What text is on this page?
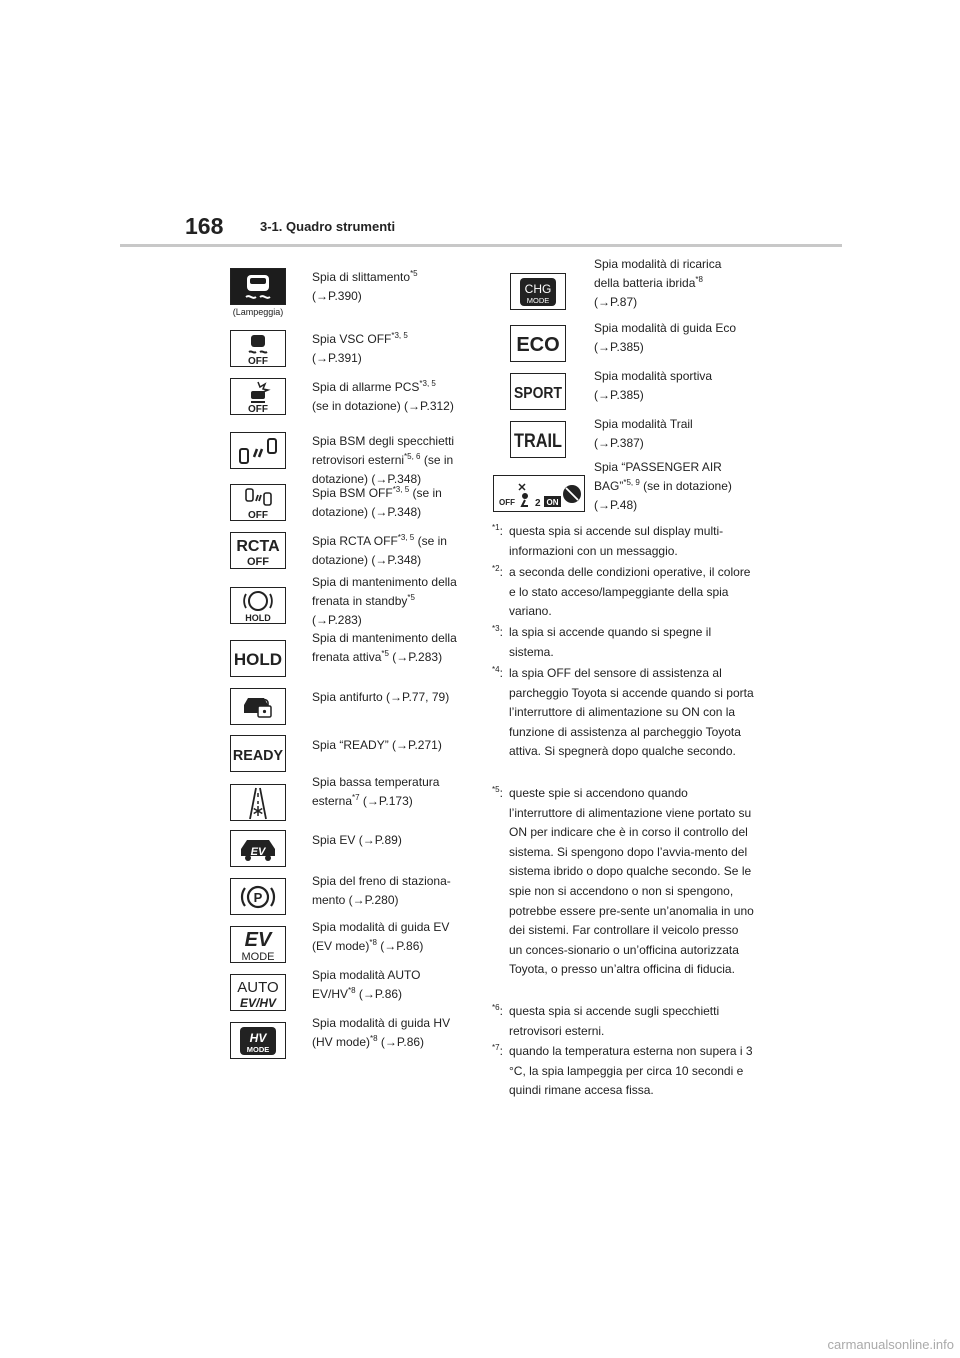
168	3-1. Quadro strumenti
(Lampeggia)
Spia di slittamento$^{*5}$
(→P.390)
OFF
Spia VSC OFF$^{*3, 5}$
(→P.391)
OFF
Spia di allarme PCS$^{*3, 5}$
(se in dotazione) (→P.312)
Spia BSM degli specchietti
retrovisori esterni$^{*5, 6}$ (se in
dotazione) (→P.348)
OFF
Spia BSM OFF$^{*3, 5}$ (se in
dotazione) (→P.348)
RCTA
OFF
Spia RCTA OFF$^{*3, 5}$ (se in
dotazione) (→P.348)
HOLD
Spia di mantenimento della
frenata in standby$^{*5}$
(→P.283)
HOLD
Spia di mantenimento della
frenata attiva$^{*5}$ (→P.283)
Spia antifurto (→P.77, 79)
READY
Spia “READY” (→P.271)
Spia bassa temperatura
esterna$^{*7}$ (→P.173)
EV
Spia EV (→P.89)
P
Spia del freno di staziona-
mento (→P.280)
EV
MODE
Spia modalità di guida EV
(EV mode)$^{*8}$ (→P.86)
AUTO
EV/HV
Spia modalità AUTO
EV/HV$^{*8}$ (→P.86)
HV
MODE
Spia modalità di guida HV
(HV mode)$^{*8}$ (→P.86)
CHG
MODE
Spia modalità di ricarica
della batteria ibrida$^{*8}$
(→P.87)
ECO
Spia modalità di guida Eco
(→P.385)
SPORT
Spia modalità sportiva
(→P.385)
TRAIL
Spia modalità Trail
(→P.387)
OFF 2 ON
Spia “PASSENGER AIR
BAG”$^{*5, 9}$ (se in dotazione)
(→P.48)
$^{*1}$: questa spia si accende sul display multi-informazioni con un messaggio.
$^{*2}$: a seconda delle condizioni operative, il colore e lo stato acceso/lampeggiante della spia variano.
$^{*3}$: la spia si accende quando si spegne il sistema.
$^{*4}$: la spia OFF del sensore di assistenza al parcheggio Toyota si accende quando si porta l’interruttore di alimentazione su ON con la funzione di assistenza al parcheggio Toyota attiva. Si spegnerà dopo qualche secondo.
$^{*5}$: queste spie si accendono quando l’interruttore di alimentazione viene portato su ON per indicare che è in corso il controllo del sistema. Si spengono dopo l’avvia-mento del sistema ibrido o dopo qualche secondo. Se le spie non si accendono o non si spengono, potrebbe essere pre-sente un’anomalia in uno dei sistemi. Far controllare il veicolo presso un conces-sionario o un’officina autorizzata Toyota, o presso un’altra officina di fiducia.
$^{*6}$: questa spia si accende sugli specchietti retrovisori esterni.
$^{*7}$: quando la temperatura esterna non supera i 3 °C, la spia lampeggia per circa 10 secondi e quindi rimane accesa fissa.
carmanualsonline.info
